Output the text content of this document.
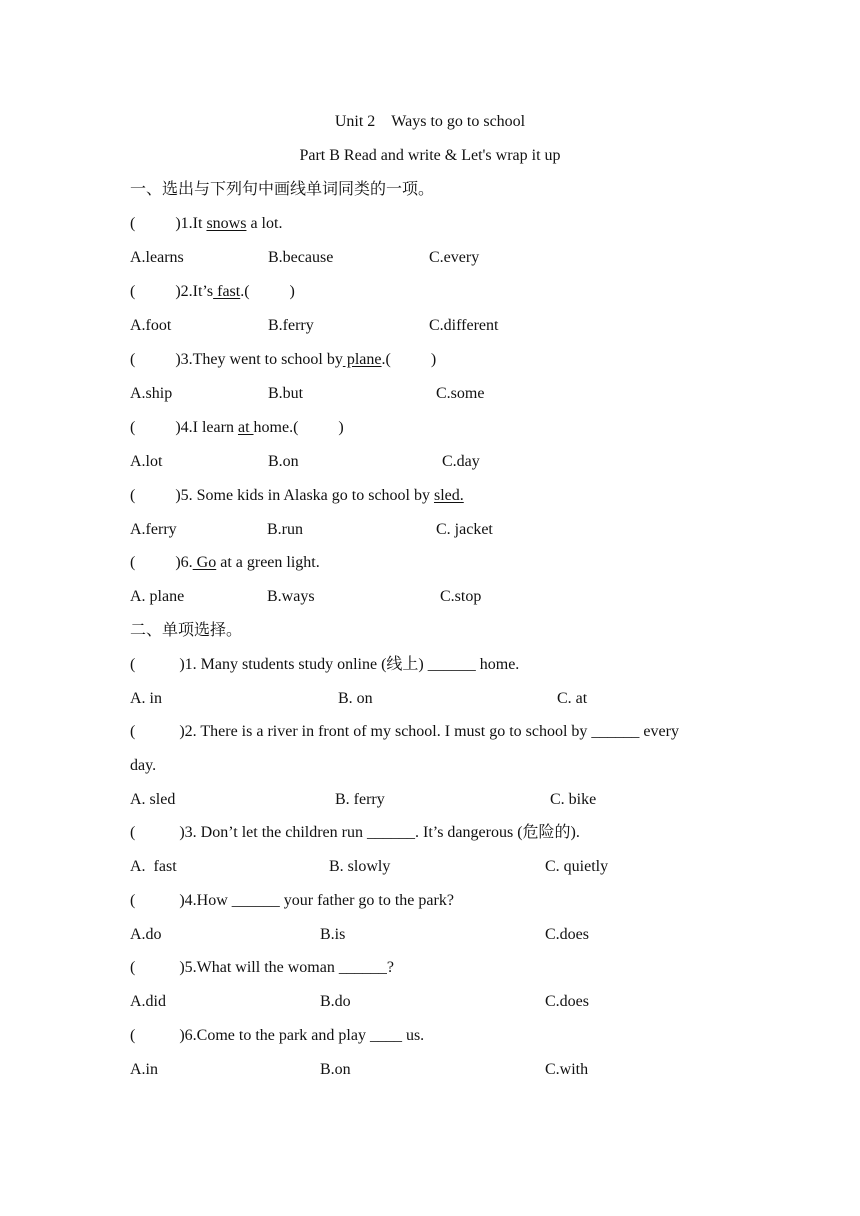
Unit 2　Ways to go to school
Part B Read and write & Let's wrap it up
一、选出与下列句中画线单词同类的一项。
(          )1.It snows a lot.
A.learns	B.because	C.every
(          )2.It’s fast.(          )
A.foot	B.ferry	C.different
(          )3.They went to school by plane.(          )
A.ship	B.but	C.some
(          )4.I learn at home.(          )
A.lot	B.on	C.day
(          )5. Some kids in Alaska go to school by sled.
A.ferry	B.run	C. jacket
(          )6. Go at a green light.
A. plane	B.ways	C.stop
二、单项选择。
(           )1. Many students study online (线上) ______ home.
A. in	B. on	C. at
(           )2. There is a river in front of my school. I must go to school by ______ every
day.
A. sled	B. ferry	C. bike
(           )3. Don’t let the children run ______. It’s dangerous (危险的).
A.  fast	B. slowly	C. quietly
(           )4.How ______ your father go to the park?
A.do	B.is	C.does
(           )5.What will the woman ______?
A.did	B.do	C.does
(           )6.Come to the park and play ____ us.
A.in	B.on	C.with
